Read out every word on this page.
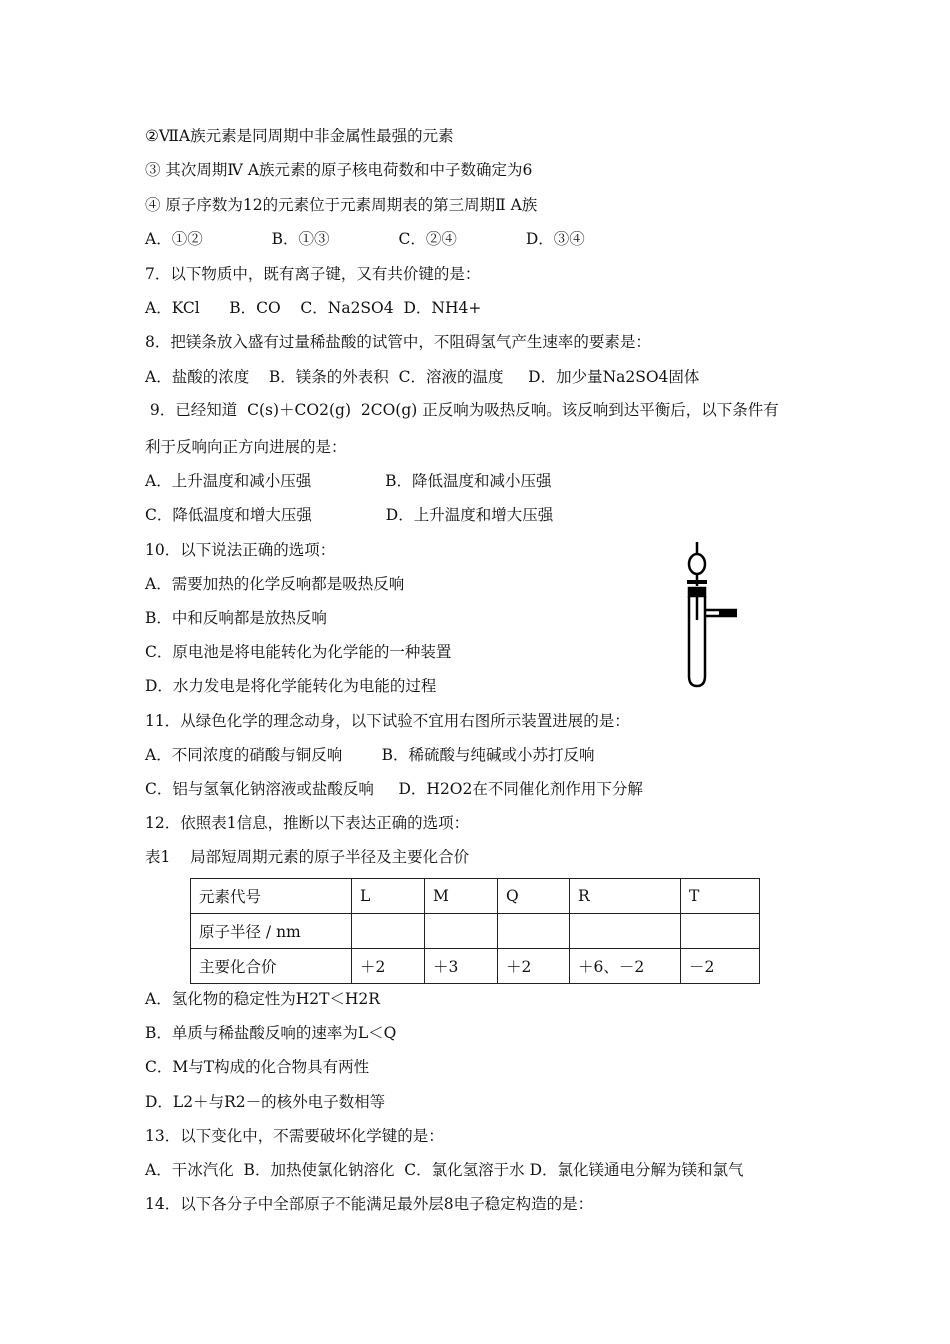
②ⅦA族元素是同周期中非金属性最强的元素
③ 其次周期Ⅳ A族元素的原子核电荷数和中子数确定为6
④ 原子序数为12的元素位于元素周期表的第三周期Ⅱ A族
A．①②              B．①③              C．②④              D．③④
7．以下物质中，既有离子键，又有共价键的是：
A．KCl      B．CO    C．Na2SO4  D．NH4+
8．把镁条放入盛有过量稀盐酸的试管中，不阻碍氢气产生速率的要素是：
A．盐酸的浓度    B．镁条的外表积  C．溶液的温度     D．加少量Na2SO4固体
9．已经知道  C(s)＋CO2(g)  2CO(g) 正反响为吸热反响。该反响到达平衡后，以下条件有
利于反响向正方向进展的是：
A．上升温度和减小压强               B．降低温度和减小压强
C．降低温度和增大压强               D．上升温度和增大压强
10．以下说法正确的选项：
A．需要加热的化学反响都是吸热反响
B．中和反响都是放热反响
C．原电池是将电能转化为化学能的一种装置
D．水力发电是将化学能转化为电能的过程
11．从绿色化学的理念动身，以下试验不宜用右图所示装置进展的是：
A．不同浓度的硝酸与铜反响        B．稀硫酸与纯碱或小苏打反响
C．铝与氢氧化钠溶液或盐酸反响     D．H2O2在不同催化剂作用下分解
12．依照表1信息，推断以下表达正确的选项：
表1    局部短周期元素的原子半径及主要化合价
元素代号	L	M	Q	R	T
原子半径 / nm					
主要化合价	＋2	＋3	＋2	＋6、－2	－2
A．氢化物的稳定性为H2T＜H2R
B．单质与稀盐酸反响的速率为L＜Q
C．M与T构成的化合物具有两性
D．L2＋与R2－的核外电子数相等
13．以下变化中，不需要破坏化学键的是：
A．干冰汽化  B．加热使氯化钠溶化  C．氯化氢溶于水 D．氯化镁通电分解为镁和氯气
14．以下各分子中全部原子不能满足最外层8电子稳定构造的是：
